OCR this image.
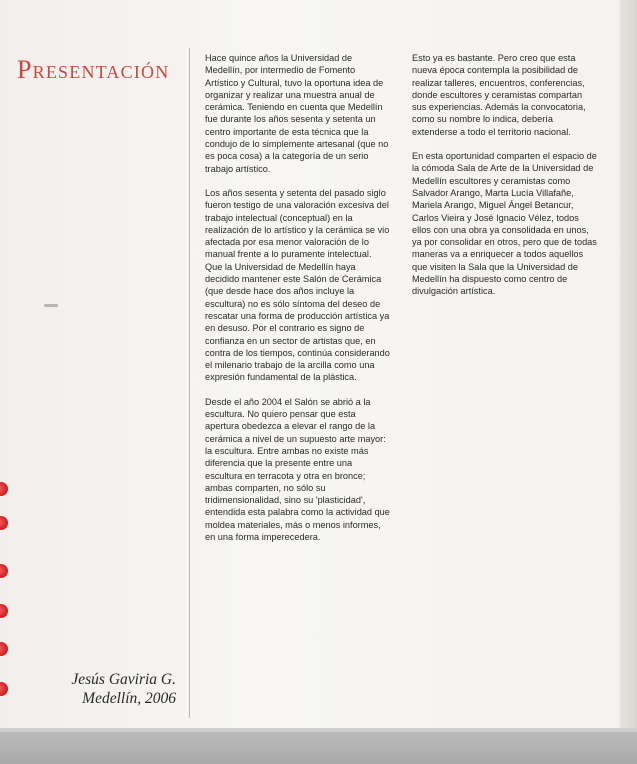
Presentación	Hace quince años la Universidad de Medellín, por intermedio de Fomento Artístico y Cultural, tuvo la oportuna idea de organizar y realizar una muestra anual de cerámica. Teniendo en cuenta que Medellín fue durante los años sesenta y setenta un centro importante de esta técnica que la condujo de lo simplemente artesanal (que no es poca cosa) a la categoría de un serio trabajo artístico.

Los años sesenta y setenta del pasado siglo fueron testigo de una valoración excesiva del trabajo intelectual (conceptual) en la realización de lo artístico y la cerámica se vio afectada por esa menor valoración de lo manual frente a lo puramente intelectual. Que la Universidad de Medellín haya decidido mantener este Salón de Cerámica (que desde hace dos años incluye la escultura) no es sólo síntoma del deseo de rescatar una forma de producción artística ya en desuso. Por el contrario es signo de confianza en un sector de artistas que, en contra de los tiempos, continúa considerando el milenario trabajo de la arcilla como una expresión fundamental de la plástica.

Desde el año 2004 el Salón se abrió a la escultura. No quiero pensar que esta apertura obedezca a elevar el rango de la cerámica a nivel de un supuesto arte mayor: la escultura. Entre ambas no existe más diferencia que la presente entre una escultura en terracota y otra en bronce; ambas comparten, no sólo su tridimensionalidad, sino su 'plasticidad', entendida esta palabra como la actividad que moldea materiales, más o menos informes, en una forma imperecedera.

Esto ya es bastante. Pero creo que esta nueva época contempla la posibilidad de realizar talleres, encuentros, conferencias, donde escultores y ceramistas compartan sus experiencias. Además la convocatoria, como su nombre lo indica, debería extenderse a todo el territorio nacional.

En esta oportunidad comparten el espacio de la cómoda Sala de Arte de la Universidad de Medellín escultores y ceramistas como Salvador Arango, Marta Lucía Villafañe, Mariela Arango, Miguel Ángel Betancur, Carlos Vieira y José Ignacio Vélez, todos ellos con una obra ya consolidada en unos, ya por consolidar en otros, pero que de todas maneras va a enriquecer a todos aquellos que visiten la Sala que la Universidad de Medellín ha dispuesto como centro de divulgación artística.

Jesús Gaviria G.
Medellín, 2006
